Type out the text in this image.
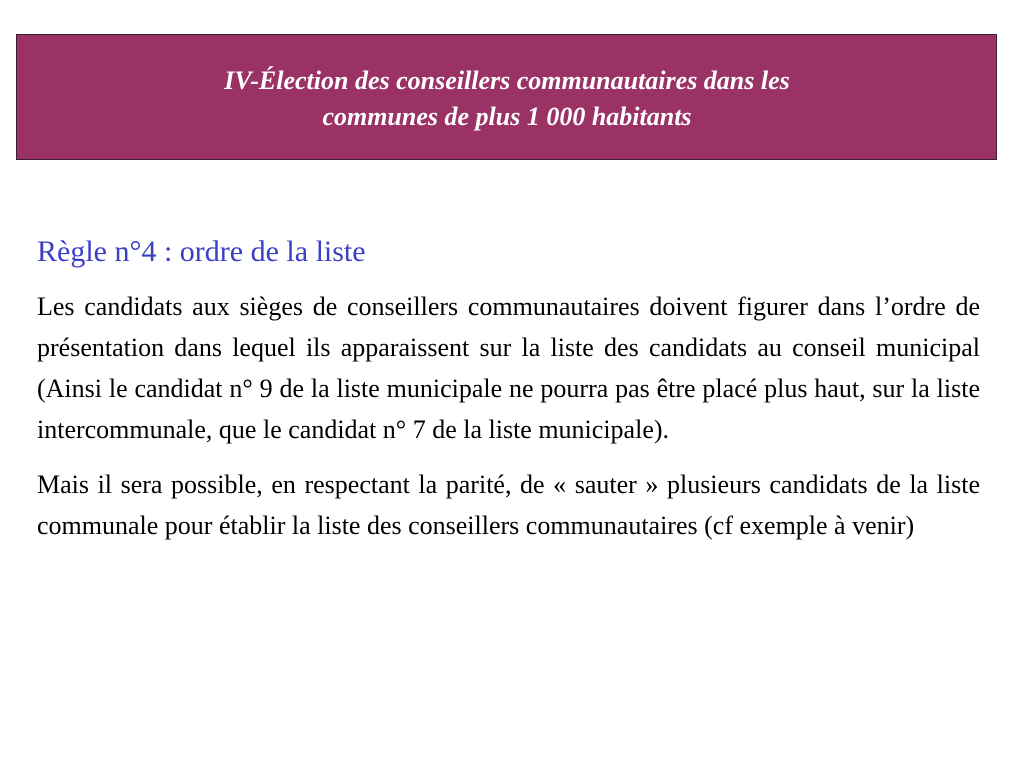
IV-Élection des conseillers communautaires dans les
communes de plus 1 000 habitants
Règle n°4 : ordre de la liste

Les candidats aux sièges de conseillers communautaires doivent figurer dans l’ordre de présentation dans lequel ils apparaissent sur la liste des candidats au conseil municipal (Ainsi le candidat n° 9 de la liste municipale ne pourra pas être placé plus haut, sur la liste intercommunale, que le candidat n° 7 de la liste municipale).

Mais il sera possible, en respectant la parité, de « sauter » plusieurs candidats de la liste communale pour établir la liste des conseillers communautaires (cf exemple à venir)
